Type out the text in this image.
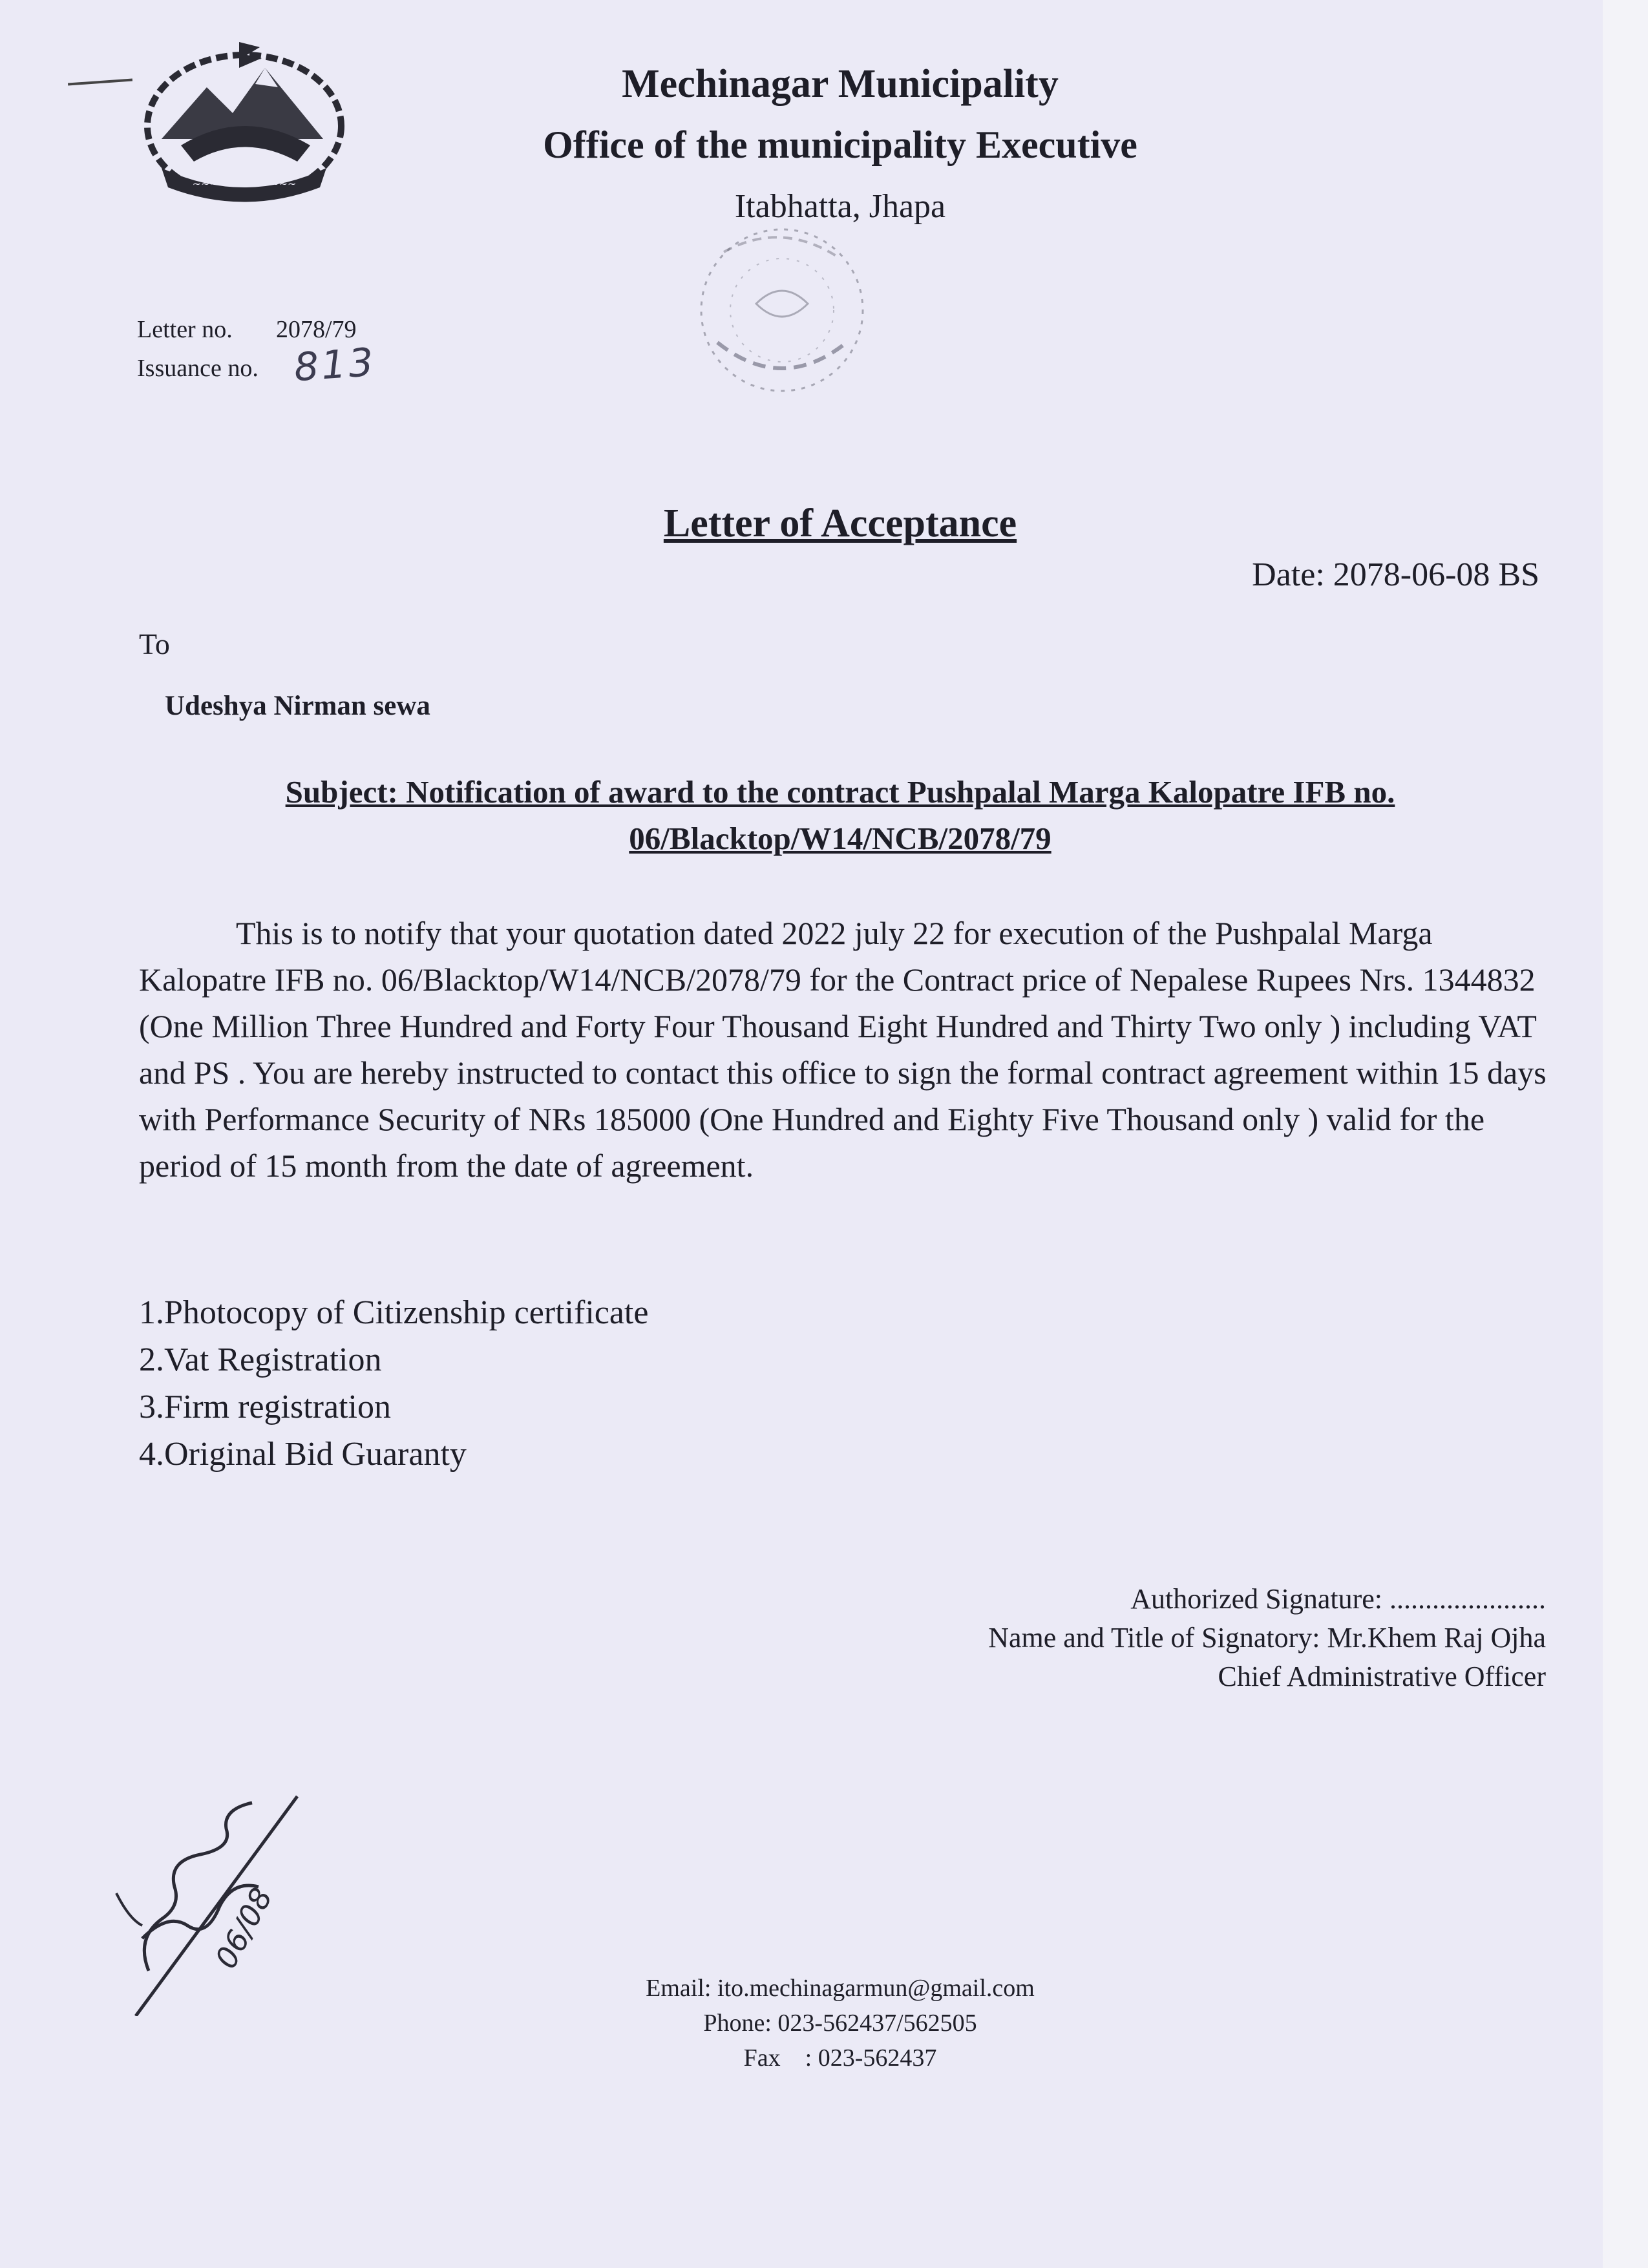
~~~~~~~~~~~~
Mechinagar Municipality
Office of the municipality Executive
Itabhatta, Jhapa
Letter no. 2078/79
Issuance no. 813
Letter of Acceptance
Date: 2078-06-08 BS
To
Udeshya Nirman sewa
Subject: Notification of award to the contract Pushpalal Marga Kalopatre IFB no.
06/Blacktop/W14/NCB/2078/79

This is to notify that your quotation dated 2022 july 22 for execution of the Pushpalal Marga Kalopatre IFB no. 06/Blacktop/W14/NCB/2078/79 for the Contract price of Nepalese Rupees Nrs. 1344832 (One Million Three Hundred and Forty Four Thousand Eight Hundred and Thirty Two only ) including VAT and PS . You are hereby instructed to contact this office to sign the formal contract agreement within 15 days with Performance Security of NRs 185000 (One Hundred and Eighty Five Thousand only ) valid for the period of 15 month from the date of agreement.

1.Photocopy of Citizenship certificate
2.Vat Registration
3.Firm registration
4.Original Bid Guaranty
Authorized Signature: ......................
Name and Title of Signatory: Mr.Khem Raj Ojha
Chief Administrative Officer
06/08
Email: ito.mechinagarmun@gmail.com
Phone: 023-562437/562505
Fax    : 023-562437
